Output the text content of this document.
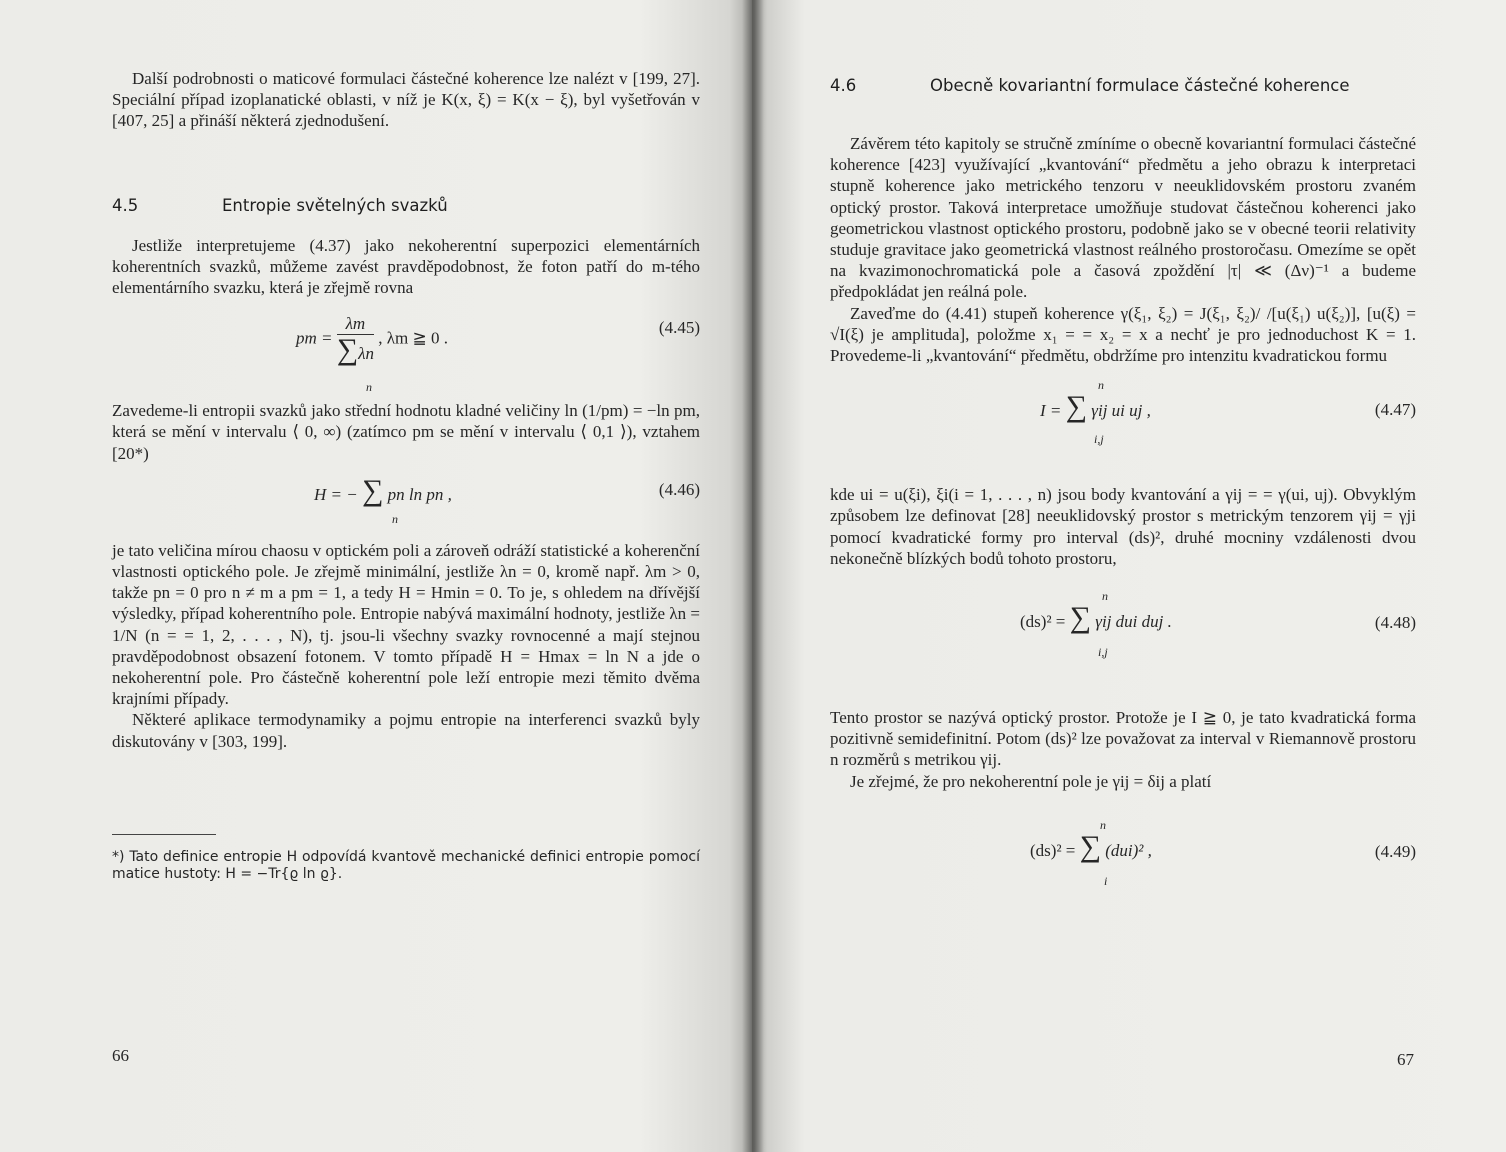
Další podrobnosti o maticové formulaci částečné koherence lze nalézt v [199, 27]. Speciální případ izoplanatické oblasti, v níž je K(x, ξ) = K(x − ξ), byl vyšetřován v [407, 25] a přináší některá zjednodušení.

4.5	Entropie světelných svazků

Jestliže interpretujeme (4.37) jako nekoherentní superpozici elementárních koherentních svazků, můžeme zavést pravděpodobnost, že foton patří do m-tého elementárního svazku, která je zřejmě rovna

pm = $\frac{\lambda m}{\sum\lambda n}$ , λm ≧ 0 .
n
(4.45)

Zavedeme-li entropii svazků jako střední hodnotu kladné veličiny ln (1/pm) = −ln pm, která se mění v intervalu ⟨ 0, ∞) (zatímco pm se mění v intervalu ⟨ 0,1 ⟩), vztahem [20*)

H = − ∑ pn ln pn ,
n
(4.46)

je tato veličina mírou chaosu v optickém poli a zároveň odráží statistické a koherenční vlastnosti optického pole. Je zřejmě minimální, jestliže λn = 0, kromě např. λm > 0, takže pn = 0 pro n ≠ m a pm = 1, a tedy H = Hmin = 0. To je, s ohledem na dřívější výsledky, případ koherentního pole. Entropie nabývá maximální hodnoty, jestliže λn = 1/N (n = = 1, 2, . . . , N), tj. jsou-li všechny svazky rovnocenné a mají stejnou pravděpodobnost obsazení fotonem. V tomto případě H = Hmax = ln N a jde o nekoherentní pole. Pro částečně koherentní pole leží entropie mezi těmito dvěma krajními případy.

Některé aplikace termodynamiky a pojmu entropie na interferenci svazků byly diskutovány v [303, 199].

*) Tato definice entropie H odpovídá kvantově mechanické definici entropie pomocí matice hustoty: H = −Tr{ϱ ln ϱ}.

66
4.6	Obecně kovariantní formulace částečné koherence

Závěrem této kapitoly se stručně zmíníme o obecně kovariantní formulaci částečné koherence [423] využívající „kvantování“ předmětu a jeho obrazu k interpretaci stupně koherence jako metrického tenzoru v neeuklidovském prostoru zvaném optický prostor. Taková interpretace umožňuje studovat částečnou koherenci jako geometrickou vlastnost optického prostoru, podobně jako se v obecné teorii relativity studuje gravitace jako geometrická vlastnost reálného prostoročasu. Omezíme se opět na kvazimonochromatická pole a časová zpoždění |τ| ≪ (Δν)⁻¹ a budeme předpokládat jen reálná pole.

Zaveďme do (4.41) stupeň koherence γ(ξ₁, ξ₂) = J(ξ₁, ξ₂)/ /[u(ξ₁) u(ξ₂)], [u(ξ) = √I(ξ) je amplituda], položme x₁ = = x₂ = x a nechť je pro jednoduchost K = 1. Provedeme-li „kvantování“ předmětu, obdržíme pro intenzitu kvadratickou formu

n
I = ∑ γij ui uj ,
i,j
(4.47)

kde ui = u(ξi), ξi(i = 1, . . . , n) jsou body kvantování a γij = = γ(ui, uj). Obvyklým způsobem lze definovat [28] neeuklidovský prostor s metrickým tenzorem γij = γji pomocí kvadratické formy pro interval (ds)², druhé mocniny vzdálenosti dvou nekonečně blízkých bodů tohoto prostoru,

n
(ds)² = ∑ γij dui duj .
i,j
(4.48)

Tento prostor se nazývá optický prostor. Protože je I ≧ 0, je tato kvadratická forma pozitivně semidefinitní. Potom (ds)² lze považovat za interval v Riemannově prostoru n rozměrů s metrikou γij.

Je zřejmé, že pro nekoherentní pole je γij = δij a platí

n
(ds)² = ∑ (dui)² ,
i
(4.49)
67
